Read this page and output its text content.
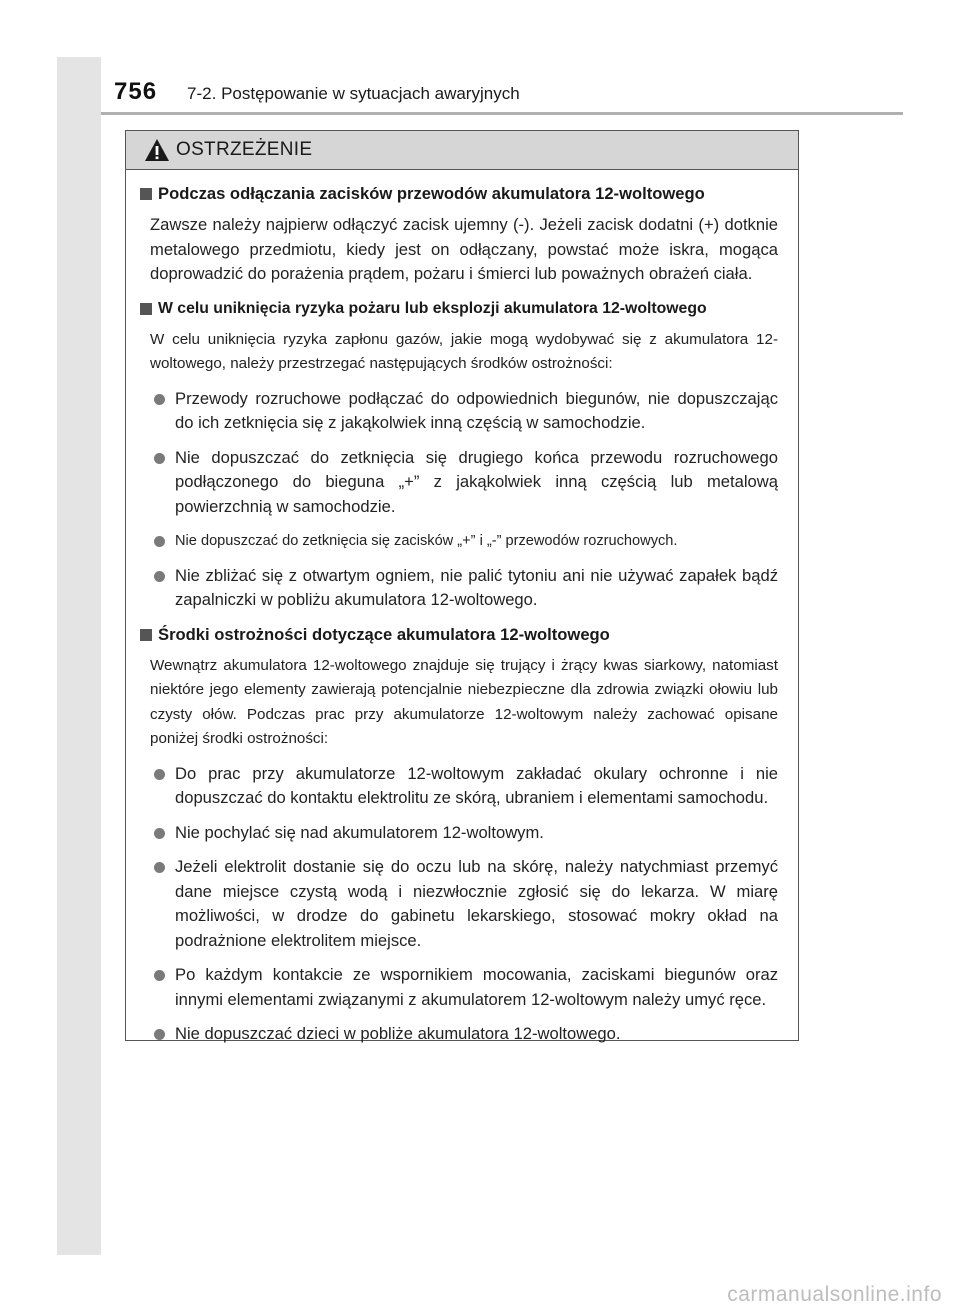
756 7-2. Postępowanie w sytuacjach awaryjnych
OSTRZEŻENIE
Podczas odłączania zacisków przewodów akumulatora 12-woltowego
Zawsze należy najpierw odłączyć zacisk ujemny (-). Jeżeli zacisk dodatni (+) dotknie metalowego przedmiotu, kiedy jest on odłączany, powstać może iskra, mogąca doprowadzić do porażenia prądem, pożaru i śmierci lub poważnych obrażeń ciała.
W celu uniknięcia ryzyka pożaru lub eksplozji akumulatora 12-woltowego
W celu uniknięcia ryzyka zapłonu gazów, jakie mogą wydobywać się z akumulatora 12-woltowego, należy przestrzegać następujących środków ostrożności:
Przewody rozruchowe podłączać do odpowiednich biegunów, nie dopuszczając do ich zetknięcia się z jakąkolwiek inną częścią w samochodzie.
Nie dopuszczać do zetknięcia się drugiego końca przewodu rozruchowego podłączonego do bieguna „+” z jakąkolwiek inną częścią lub metalową powierzchnią w samochodzie.
Nie dopuszczać do zetknięcia się zacisków „+” i „-” przewodów rozruchowych.
Nie zbliżać się z otwartym ogniem, nie palić tytoniu ani nie używać zapałek bądź zapalniczki w pobliżu akumulatora 12-woltowego.
Środki ostrożności dotyczące akumulatora 12-woltowego
Wewnątrz akumulatora 12-woltowego znajduje się trujący i żrący kwas siarkowy, natomiast niektóre jego elementy zawierają potencjalnie niebezpieczne dla zdrowia związki ołowiu lub czysty ołów. Podczas prac przy akumulatorze 12-woltowym należy zachować opisane poniżej środki ostrożności:
Do prac przy akumulatorze 12-woltowym zakładać okulary ochronne i nie dopuszczać do kontaktu elektrolitu ze skórą, ubraniem i elementami samochodu.
Nie pochylać się nad akumulatorem 12-woltowym.
Jeżeli elektrolit dostanie się do oczu lub na skórę, należy natychmiast przemyć dane miejsce czystą wodą i niezwłocznie zgłosić się do lekarza. W miarę możliwości, w drodze do gabinetu lekarskiego, stosować mokry okład na podrażnione elektrolitem miejsce.
Po każdym kontakcie ze wspornikiem mocowania, zaciskami biegunów oraz innymi elementami związanymi z akumulatorem 12-woltowym należy umyć ręce.
Nie dopuszczać dzieci w pobliże akumulatora 12-woltowego.
carmanualsonline.info
